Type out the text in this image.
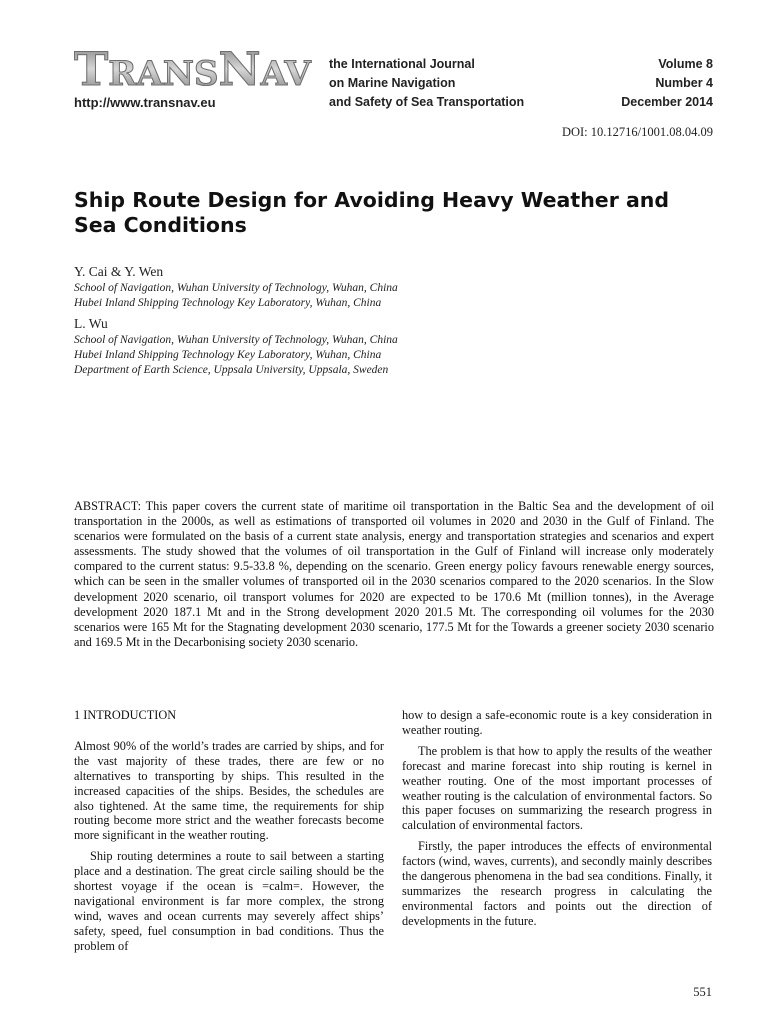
TRANSNAV
http://www.transnav.eu
the International Journal
on Marine Navigation
and Safety of Sea Transportation
Volume 8
Number 4
December 2014
DOI: 10.12716/1001.08.04.09
Ship Route Design for Avoiding Heavy Weather and Sea Conditions
Y. Cai & Y. Wen
School of Navigation, Wuhan University of Technology, Wuhan, China
Hubei Inland Shipping Technology Key Laboratory, Wuhan, China
L. Wu
School of Navigation, Wuhan University of Technology, Wuhan, China
Hubei Inland Shipping Technology Key Laboratory, Wuhan, China
Department of Earth Science, Uppsala University, Uppsala, Sweden
ABSTRACT: This paper covers the current state of maritime oil transportation in the Baltic Sea and the development of oil transportation in the 2000s, as well as estimations of transported oil volumes in 2020 and 2030 in the Gulf of Finland. The scenarios were formulated on the basis of a current state analysis, energy and transportation strategies and scenarios and expert assessments. The study showed that the volumes of oil transportation in the Gulf of Finland will increase only moderately compared to the current status: 9.5-33.8 %, depending on the scenario. Green energy policy favours renewable energy sources, which can be seen in the smaller volumes of transported oil in the 2030 scenarios compared to the 2020 scenarios. In the Slow development 2020 scenario, oil transport volumes for 2020 are expected to be 170.6 Mt (million tonnes), in the Average development 2020 187.1 Mt and in the Strong development 2020 201.5 Mt. The corresponding oil volumes for the 2030 scenarios were 165 Mt for the Stagnating development 2030 scenario, 177.5 Mt for the Towards a greener society 2030 scenario and 169.5 Mt in the Decarbonising society 2030 scenario.
1 INTRODUCTION

Almost 90% of the world’s trades are carried by ships, and for the vast majority of these trades, there are few or no alternatives to transporting by ships. This resulted in the increased capacities of the ships. Besides, the schedules are also tightened. At the same time, the requirements for ship routing become more strict and the weather forecasts become more significant in the weather routing.

Ship routing determines a route to sail between a starting place and a destination. The great circle sailing should be the shortest voyage if the ocean is =calm=. However, the navigational environment is far more complex, the strong wind, waves and ocean currents may severely affect ships’ safety, speed, fuel consumption in bad conditions. Thus the problem of

how to design a safe-economic route is a key consideration in weather routing.

The problem is that how to apply the results of the weather forecast and marine forecast into ship routing is kernel in weather routing. One of the most important processes of weather routing is the calculation of environmental factors. So this paper focuses on summarizing the research progress in calculation of environmental factors.

Firstly, the paper introduces the effects of environmental factors (wind, waves, currents), and secondly mainly describes the dangerous phenomena in the bad sea conditions. Finally, it summarizes the research progress in calculating the environmental factors and points out the direction of developments in the future.

551
